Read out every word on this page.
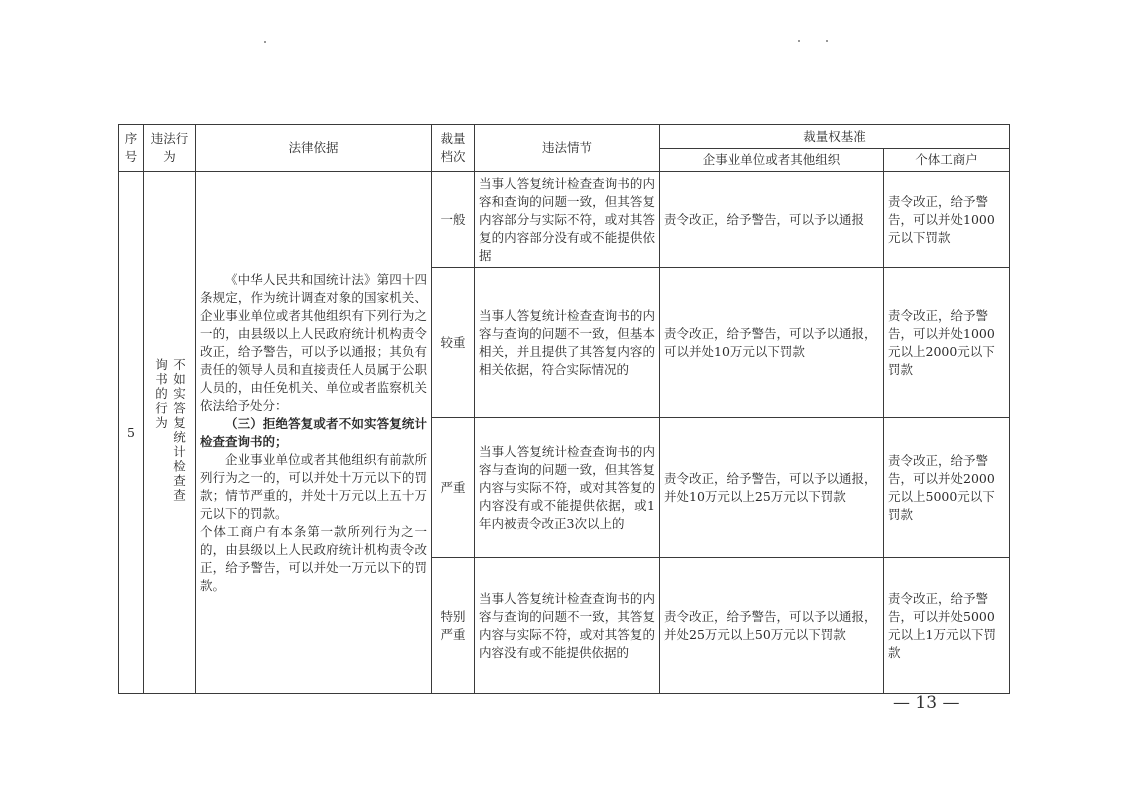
序号	违法行为	法律依据	裁量档次	违法情节	裁量权基准	
					企事业单位或者其他组织	个体工商户
5	不如实答复统计检查查询书的行为	《中华人民共和国统计法》第四十四条规定，作为统计调查对象的国家机关、企业事业单位或者其他组织有下列行为之一的，由县级以上人民政府统计机构责令改正，给予警告，可以予以通报；其负有责任的领导人员和直接责任人员属于公职人员的，由任免机关、单位或者监察机关依法给予处分：

（三）拒绝答复或者不如实答复统计检查查询书的；

企业事业单位或者其他组织有前款所列行为之一的，可以并处十万元以下的罚款；情节严重的，并处十万元以上五十万元以下的罚款。

个体工商户有本条第一款所列行为之一的，由县级以上人民政府统计机构责令改正，给予警告，可以并处一万元以下的罚款。	一般	当事人答复统计检查查询书的内容和查询的问题一致，但其答复内容部分与实际不符，或对其答复的内容部分没有或不能提供依据	责令改正，给予警告，可以予以通报	责令改正，给予警告，可以并处1000元以下罚款
			较重	当事人答复统计检查查询书的内容与查询的问题不一致，但基本相关，并且提供了其答复内容的相关依据，符合实际情况的	责令改正，给予警告，可以予以通报，可以并处10万元以下罚款	责令改正，给予警告，可以并处1000元以上2000元以下罚款
			严重	当事人答复统计检查查询书的内容与查询的问题一致，但其答复内容与实际不符，或对其答复的内容没有或不能提供依据，或1年内被责令改正3次以上的	责令改正，给予警告，可以予以通报，并处10万元以上25万元以下罚款	责令改正，给予警告，可以并处2000元以上5000元以下罚款
			特别严重	当事人答复统计检查查询书的内容与查询的问题不一致，其答复内容与实际不符，或对其答复的内容没有或不能提供依据的	责令改正，给予警告，可以予以通报，并处25万元以上50万元以下罚款	责令改正，给予警告，可以并处5000元以上1万元以下罚款
— 13 —
